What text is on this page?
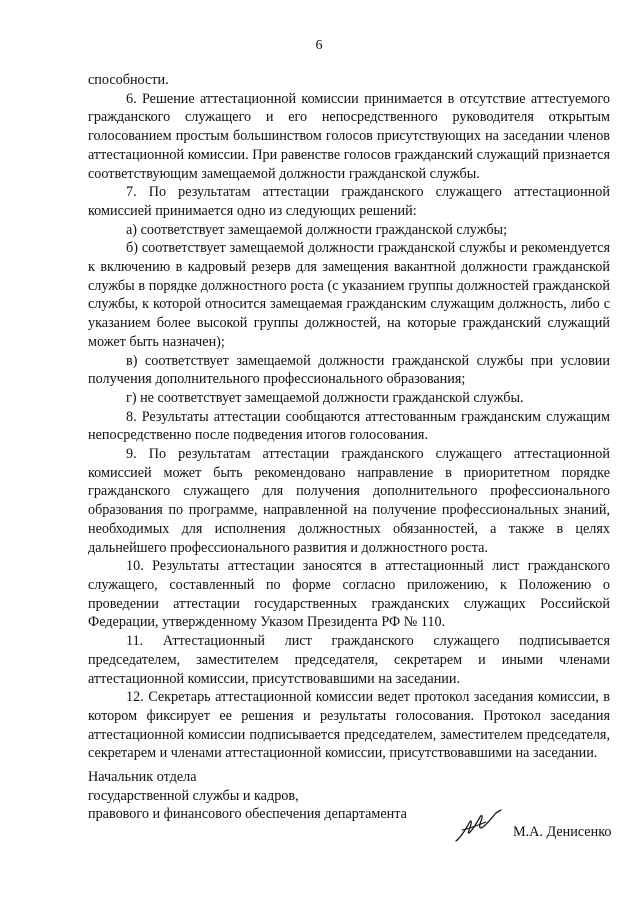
6

способности.

6. Решение аттестационной комиссии принимается в отсутствие аттестуемого гражданского служащего и его непосредственного руководителя открытым голосованием простым большинством голосов присутствующих на заседании членов аттестационной комиссии. При равенстве голосов гражданский служащий признается соответствующим замещаемой должности гражданской службы.

7. По результатам аттестации гражданского служащего аттестационной комиссией принимается одно из следующих решений:

а) соответствует замещаемой должности гражданской службы;

б) соответствует замещаемой должности гражданской службы и рекомендуется к включению в кадровый резерв для замещения вакантной должности гражданской службы в порядке должностного роста (с указанием группы должностей гражданской службы, к которой относится замещаемая гражданским служащим должность, либо с указанием более высокой группы должностей, на которые гражданский служащий может быть назначен);

в) соответствует замещаемой должности гражданской службы при условии получения дополнительного профессионального образования;

г) не соответствует замещаемой должности гражданской службы.

8. Результаты аттестации сообщаются аттестованным гражданским служащим непосредственно после подведения итогов голосования.

9. По результатам аттестации гражданского служащего аттестационной комиссией может быть рекомендовано направление в приоритетном порядке гражданского служащего для получения дополнительного профессионального образования по программе, направленной на получение профессиональных знаний, необходимых для исполнения должностных обязанностей, а также в целях дальнейшего профессионального развития и должностного роста.

10. Результаты аттестации заносятся в аттестационный лист гражданского служащего, составленный по форме согласно приложению, к Положению о проведении аттестации государственных гражданских служащих Российской Федерации, утвержденному Указом Президента РФ № 110.

11. Аттестационный лист гражданского служащего подписывается председателем, заместителем председателя, секретарем и иными членами аттестационной комиссии, присутствовавшими на заседании.

12. Секретарь аттестационной комиссии ведет протокол заседания комиссии, в котором фиксирует ее решения и результаты голосования. Протокол заседания аттестационной комиссии подписывается председателем, заместителем председателя, секретарем и членами аттестационной комиссии, присутствовавшими на заседании.

Начальник отдела
государственной службы и кадров,
правового и финансового обеспечения департамента
М.А. Денисенко
